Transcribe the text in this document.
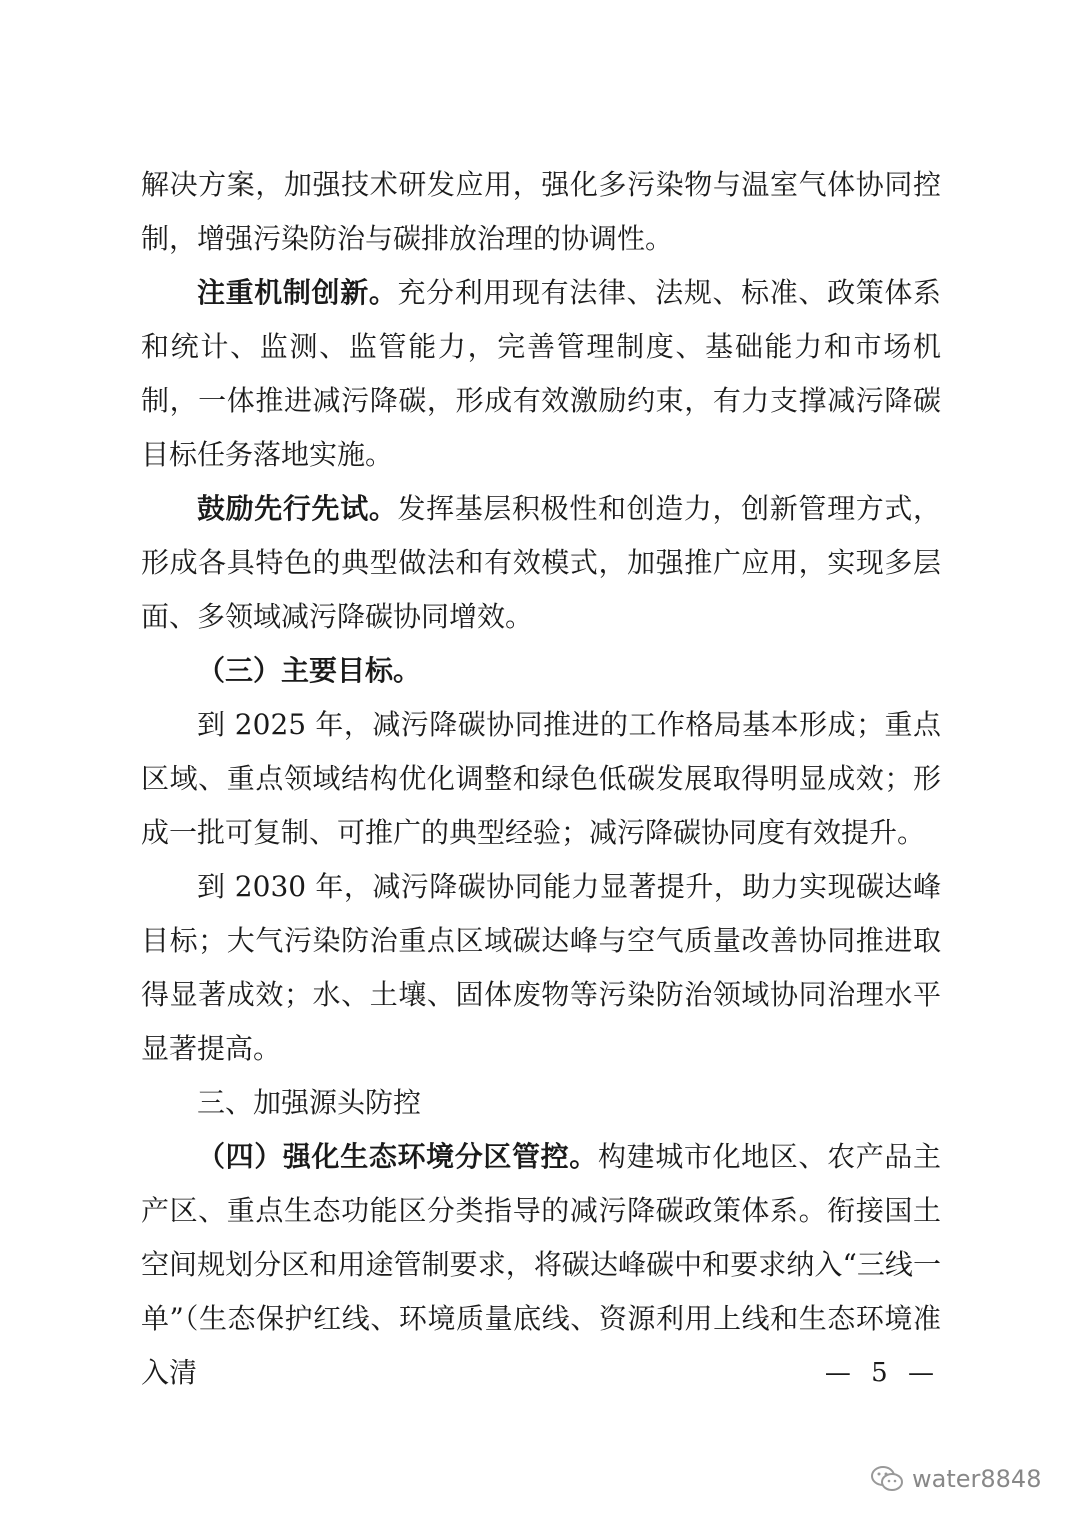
解决方案，加强技术研发应用，强化多污染物与温室气体协同控制，增强污染防治与碳排放治理的协调性。

注重机制创新。充分利用现有法律、法规、标准、政策体系和统计、监测、监管能力，完善管理制度、基础能力和市场机制，一体推进减污降碳，形成有效激励约束，有力支撑减污降碳目标任务落地实施。

鼓励先行先试。发挥基层积极性和创造力，创新管理方式，形成各具特色的典型做法和有效模式，加强推广应用，实现多层面、多领域减污降碳协同增效。

（三）主要目标。

到 2025 年，减污降碳协同推进的工作格局基本形成；重点区域、重点领域结构优化调整和绿色低碳发展取得明显成效；形成一批可复制、可推广的典型经验；减污降碳协同度有效提升。

到 2030 年，减污降碳协同能力显著提升，助力实现碳达峰目标；大气污染防治重点区域碳达峰与空气质量改善协同推进取得显著成效；水、土壤、固体废物等污染防治领域协同治理水平显著提高。

三、加强源头防控

（四）强化生态环境分区管控。构建城市化地区、农产品主产区、重点生态功能区分类指导的减污降碳政策体系。衔接国土空间规划分区和用途管制要求，将碳达峰碳中和要求纳入“三线一单”（生态保护红线、环境质量底线、资源利用上线和生态环境准入清	— 5 —
water8848
